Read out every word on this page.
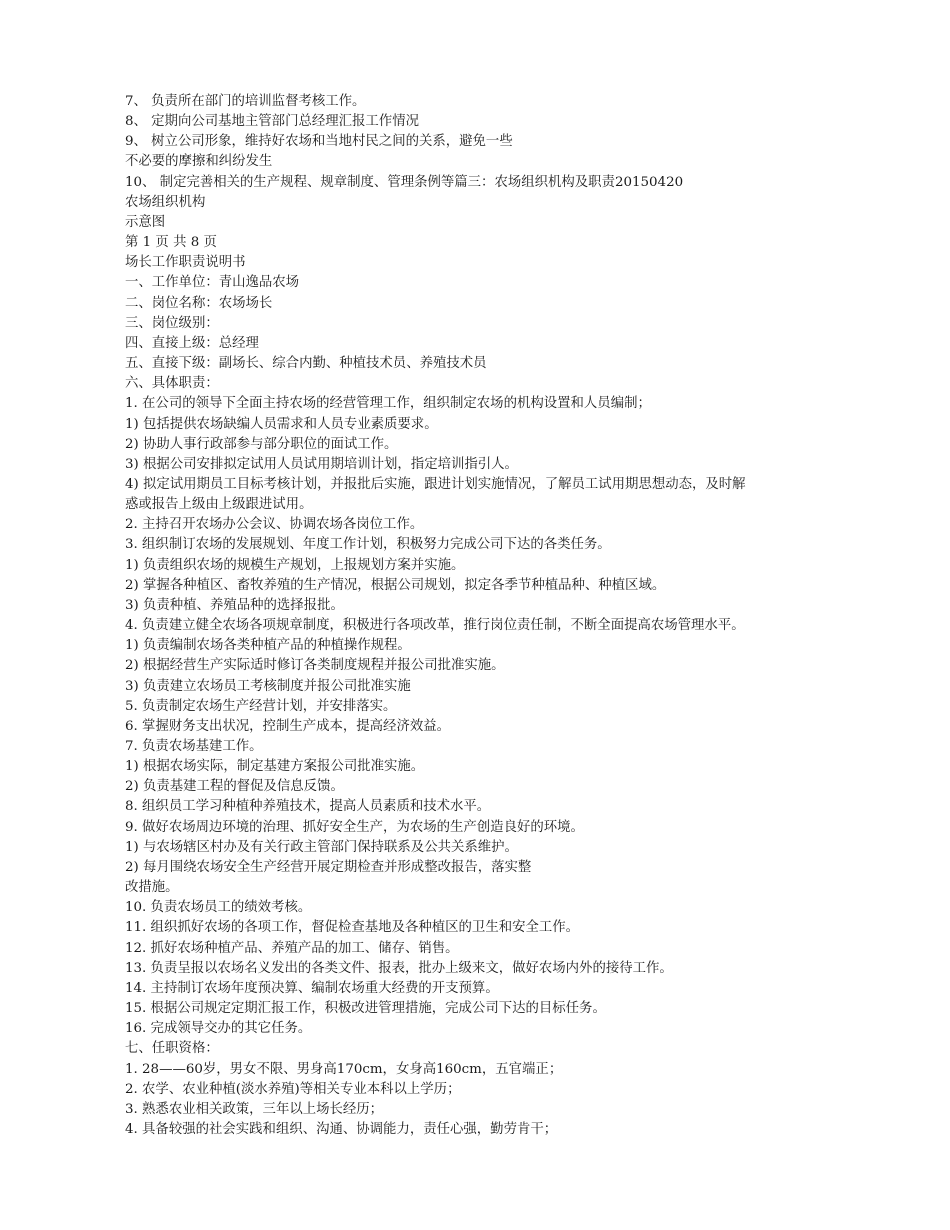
7、 负责所在部门的培训监督考核工作。
8、 定期向公司基地主管部门总经理汇报工作情况
9、 树立公司形象，维持好农场和当地村民之间的关系，避免一些
不必要的摩擦和纠纷发生
10、 制定完善相关的生产规程、规章制度、管理条例等篇三：农场组织机构及职责20150420
农场组织机构
示意图
第 1 页 共 8 页
场长工作职责说明书
一、工作单位：青山逸品农场
二、岗位名称：农场场长
三、岗位级别：
四、直接上级：总经理
五、直接下级：副场长、综合内勤、种植技术员、养殖技术员
六、具体职责：
1. 在公司的领导下全面主持农场的经营管理工作，组织制定农场的机构设置和人员编制；
1) 包括提供农场缺编人员需求和人员专业素质要求。
2) 协助人事行政部参与部分职位的面试工作。
3) 根据公司安排拟定试用人员试用期培训计划，指定培训指引人。
4) 拟定试用期员工目标考核计划，并报批后实施，跟进计划实施情况，了解员工试用期思想动态，及时解
惑或报告上级由上级跟进试用。
2. 主持召开农场办公会议、协调农场各岗位工作。
3. 组织制订农场的发展规划、年度工作计划，积极努力完成公司下达的各类任务。
1) 负责组织农场的规模生产规划，上报规划方案并实施。
2) 掌握各种植区、畜牧养殖的生产情况，根据公司规划，拟定各季节种植品种、种植区域。
3) 负责种植、养殖品种的选择报批。
4. 负责建立健全农场各项规章制度，积极进行各项改革，推行岗位责任制，不断全面提高农场管理水平。
1) 负责编制农场各类种植产品的种植操作规程。
2) 根据经营生产实际适时修订各类制度规程并报公司批准实施。
3) 负责建立农场员工考核制度并报公司批准实施
5. 负责制定农场生产经营计划，并安排落实。
6. 掌握财务支出状况，控制生产成本，提高经济效益。
7. 负责农场基建工作。
1) 根据农场实际，制定基建方案报公司批准实施。
2) 负责基建工程的督促及信息反馈。
8. 组织员工学习种植种养殖技术，提高人员素质和技术水平。
9. 做好农场周边环境的治理、抓好安全生产，为农场的生产创造良好的环境。
1) 与农场辖区村办及有关行政主管部门保持联系及公共关系维护。
2) 每月围绕农场安全生产经营开展定期检查并形成整改报告，落实整
改措施。
10. 负责农场员工的绩效考核。
11. 组织抓好农场的各项工作，督促检查基地及各种植区的卫生和安全工作。
12. 抓好农场种植产品、养殖产品的加工、储存、销售。
13. 负责呈报以农场名义发出的各类文件、报表，批办上级来文，做好农场内外的接待工作。
14. 主持制订农场年度预决算、编制农场重大经费的开支预算。
15. 根据公司规定定期汇报工作，积极改进管理措施，完成公司下达的目标任务。
16. 完成领导交办的其它任务。
七、任职资格：
1. 28——60岁，男女不限、男身高170cm，女身高160cm，五官端正；
2. 农学、农业种植(淡水养殖)等相关专业本科以上学历；
3. 熟悉农业相关政策，三年以上场长经历；
4. 具备较强的社会实践和组织、沟通、协调能力，责任心强，勤劳肯干；
